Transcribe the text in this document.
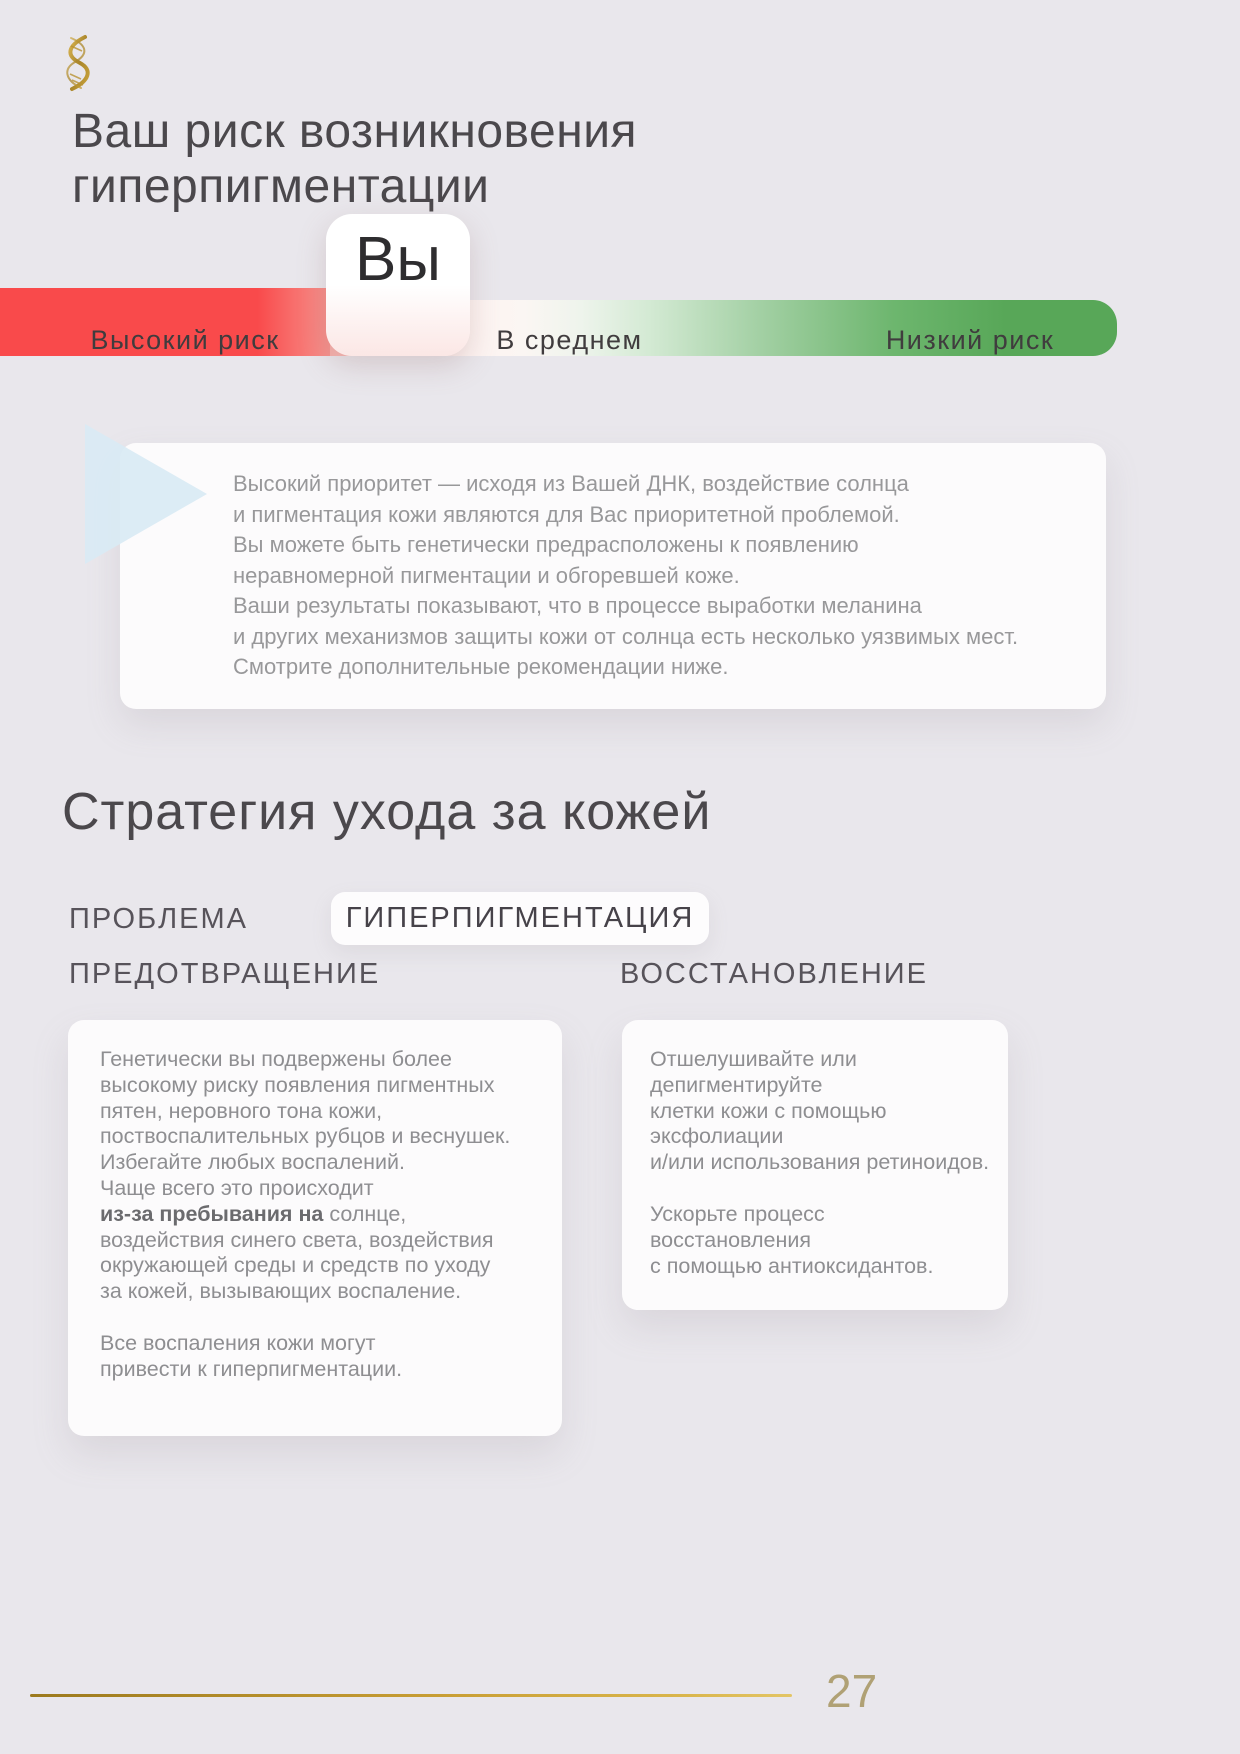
Ваш риск возникновения
гиперпигментации
Высокий риск	В среднем	Низкий риск
Вы
Высокий приоритет — исходя из Вашей ДНК, воздействие солнца
и пигментация кожи являются для Вас приоритетной проблемой.
Вы можете быть генетически предрасположены к появлению
неравномерной пигментации и обгоревшей коже.
Ваши результаты показывают, что в процессе выработки меланина
и других механизмов защиты кожи от солнца есть несколько уязвимых мест.
Смотрите дополнительные рекомендации ниже.
Стратегия ухода за кожей
ПРОБЛЕМА	ГИПЕРПИГМЕНТАЦИЯ
ПРЕДОТВРАЩЕНИЕ	ВОССТАНОВЛЕНИЕ
Генетически вы подвержены более
высокому риску появления пигментных
пятен, неровного тона кожи,
поствоспалительных рубцов и веснушек.
Избегайте любых воспалений.
Чаще всего это происходит
из-за пребывания на солнце,
воздействия синего света, воздействия
окружающей среды и средств по уходу
за кожей, вызывающих воспаление.
Все воспаления кожи могут
привести к гиперпигментации.
Отшелушивайте или депигментируйте
клетки кожи с помощью эксфолиации
и/или использования ретиноидов.
Ускорьте процесс восстановления
с помощью антиоксидантов.
27
